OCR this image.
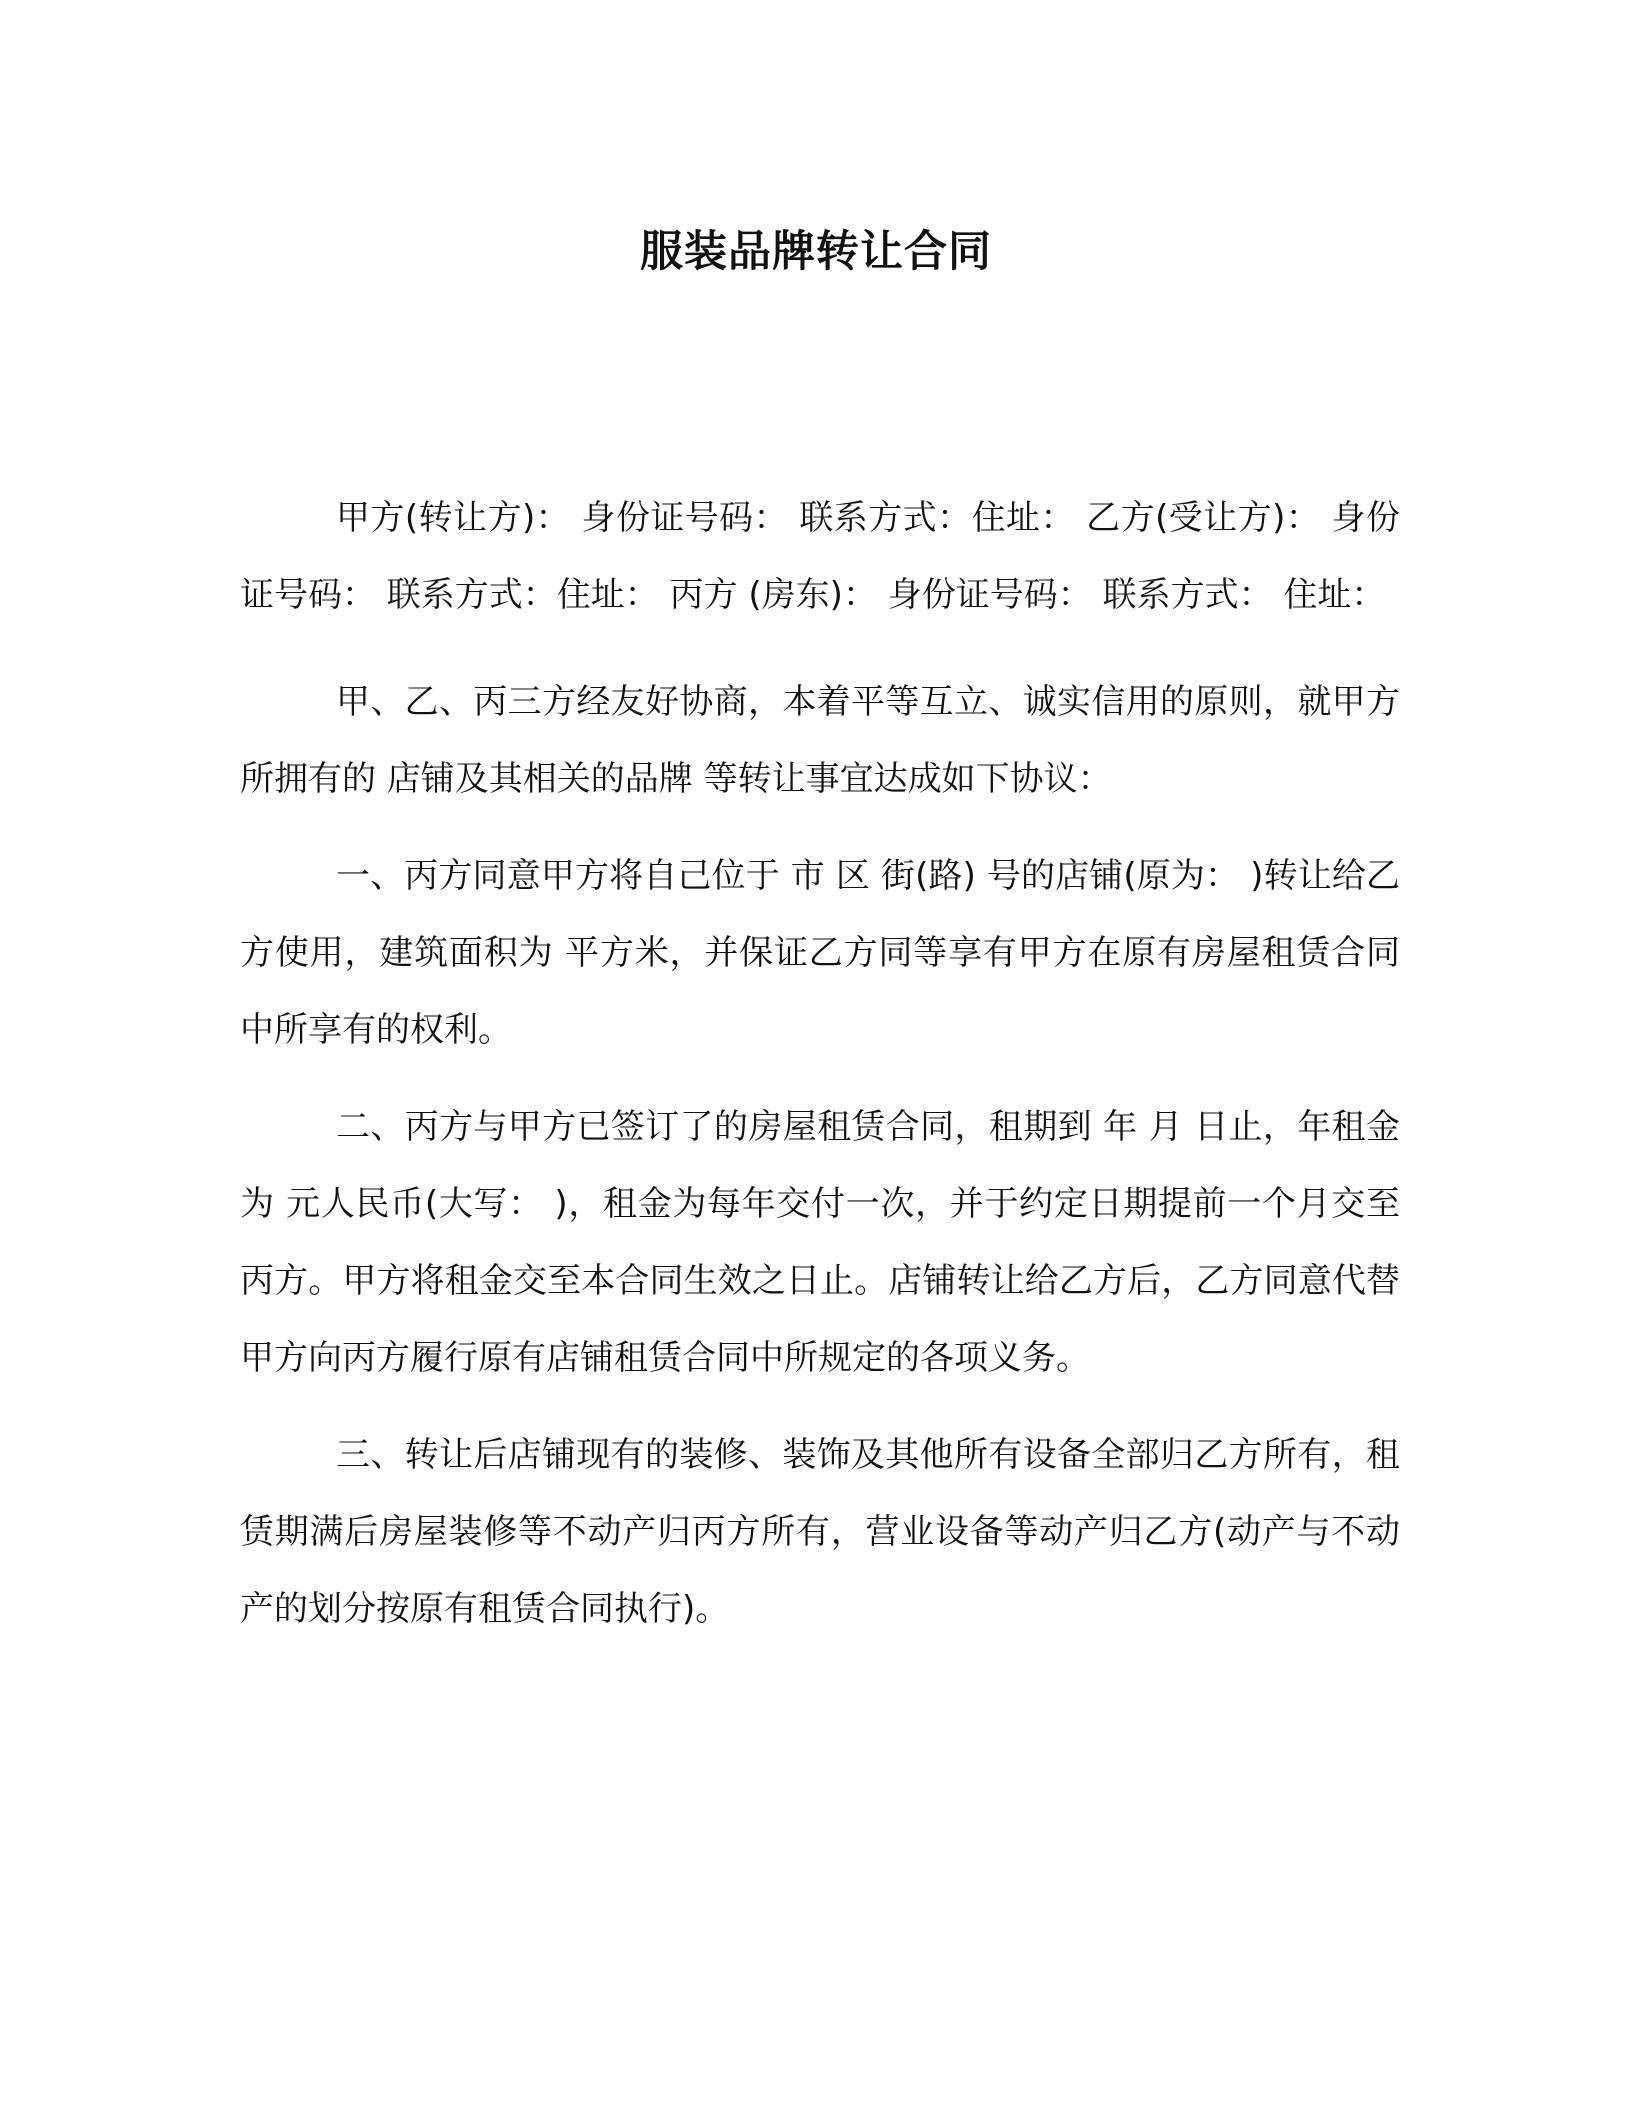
服装品牌转让合同

甲方(转让方)： 身份证号码： 联系方式：住址： 乙方(受让方)： 身份证号码： 联系方式：住址： 丙方 (房东)： 身份证号码： 联系方式： 住址：

甲、乙、丙三方经友好协商，本着平等互立、诚实信用的原则，就甲方所拥有的 店铺及其相关的品牌 等转让事宜达成如下协议：

一、丙方同意甲方将自己位于 市 区 街(路) 号的店铺(原为： )转让给乙方使用，建筑面积为 平方米，并保证乙方同等享有甲方在原有房屋租赁合同中所享有的权利。

二、丙方与甲方已签订了的房屋租赁合同，租期到 年 月 日止，年租金为 元人民币(大写： )，租金为每年交付一次，并于约定日期提前一个月交至丙方。甲方将租金交至本合同生效之日止。店铺转让给乙方后，乙方同意代替甲方向丙方履行原有店铺租赁合同中所规定的各项义务。

三、转让后店铺现有的装修、装饰及其他所有设备全部归乙方所有，租赁期满后房屋装修等不动产归丙方所有，营业设备等动产归乙方(动产与不动产的划分按原有租赁合同执行)。
